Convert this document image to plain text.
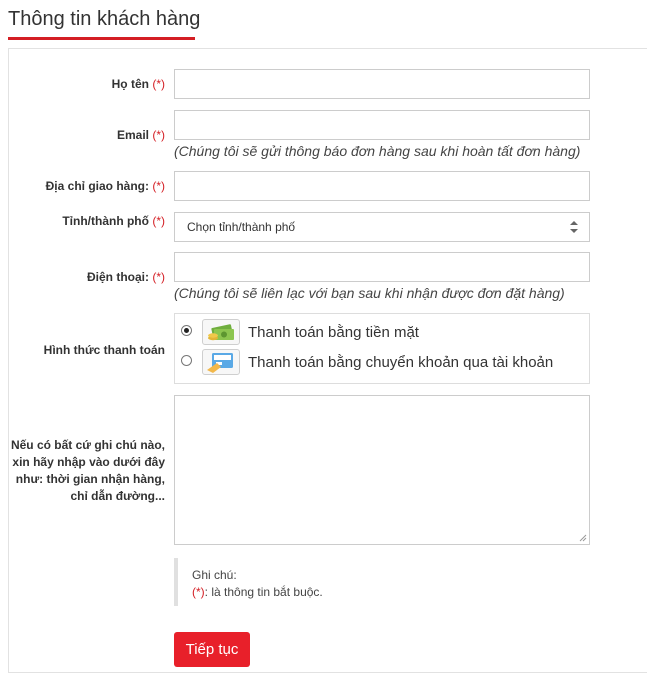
Thông tin khách hàng
Họ tên (*)
Email (*)
(Chúng tôi sẽ gửi thông báo đơn hàng sau khi hoàn tất đơn hàng)
Địa chỉ giao hàng: (*)
Tỉnh/thành phố (*) Chọn tỉnh/thành phố
Điện thoại: (*)
(Chúng tôi sẽ liên lạc với bạn sau khi nhận được đơn đặt hàng)
Hình thức thanh toán
Thanh toán bằng tiền mặt
Thanh toán bằng chuyển khoản qua tài khoản
Nếu có bất cứ ghi chú nào,
xin hãy nhập vào dưới đây
như: thời gian nhận hàng,
chỉ dẫn đường...
Ghi chú:
(*): là thông tin bắt buộc.
Tiếp tục
